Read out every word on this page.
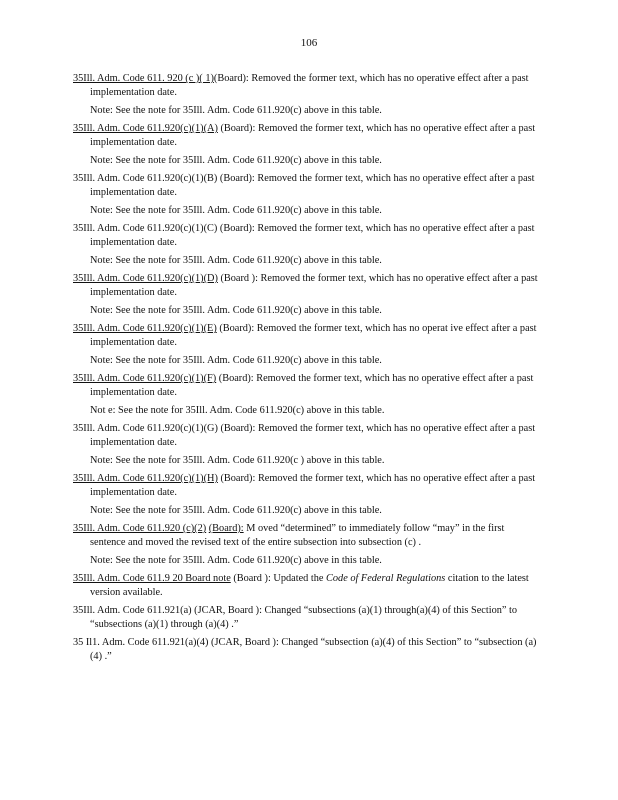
106
35Ill. Adm. Code 611. 920 (c )( 1)(Board): Removed the former text, which has no operative effect after a past implementation date.
Note: See the note for 35Ill. Adm. Code 611.920(c) above in this table.
35Ill. Adm. Code 611.920(c)(1)(A) (Board): Removed the former text, which has no operative effect after a past implementation date.
Note: See the note for 35Ill. Adm. Code 611.920(c) above in this table.
35Ill. Adm. Code 611.920(c)(1)(B) (Board): Removed the former text, which has no operative effect after a past implementation date.
Note: See the note for 35Ill. Adm. Code 611.920(c) above in this table.
35Ill. Adm. Code 611.920(c)(1)(C) (Board): Removed the former text, which has no operative effect after a past implementation date.
Note: See the note for 35Ill. Adm. Code 611.920(c) above in this table.
35Ill. Adm. Code 611.920(c)(1)(D) (Board ): Removed the former text, which has no operative effect after a past implementation date.
Note: See the note for 35Ill. Adm. Code 611.920(c) above in this table.
35Ill. Adm. Code 611.920(c)(1)(E) (Board): Removed the former text, which has no operat ive effect after a past implementation date.
Note: See the note for 35Ill. Adm. Code 611.920(c) above in this table.
35Ill. Adm. Code 611.920(c)(1)(F) (Board): Removed the former text, which has no operative effect after a past implementation date.
Not e: See the note for 35Ill. Adm. Code 611.920(c) above in this table.
35Ill. Adm. Code 611.920(c)(1)(G) (Board): Removed the former text, which has no operative effect after a past implementation date.
Note: See the note for 35Ill. Adm. Code 611.920(c ) above in this table.
35Ill. Adm. Code 611.920(c)(1)(H) (Board): Removed the former text, which has no operative effect after a past implementation date.
Note: See the note for 35Ill. Adm. Code 611.920(c) above in this table.
35Ill. Adm. Code 611.920 (c)(2) (Board): M oved “determined” to immediately follow “may” in the first sentence and moved the revised text of the entire subsection into subsection (c) .
Note: See the note for 35Ill. Adm. Code 611.920(c) above in this table.
35Ill. Adm. Code 611.9 20 Board note (Board ): Updated the Code of Federal Regulations citation to the latest version available.
35Ill. Adm. Code 611.921(a) (JCAR, Board ): Changed “subsections (a)(1) through(a)(4) of this Section” to “subsections (a)(1) through (a)(4) .”
35 Il1. Adm. Code 611.921(a)(4) (JCAR, Board ): Changed “subsection (a)(4) of this Section” to “subsection (a)(4) .”
